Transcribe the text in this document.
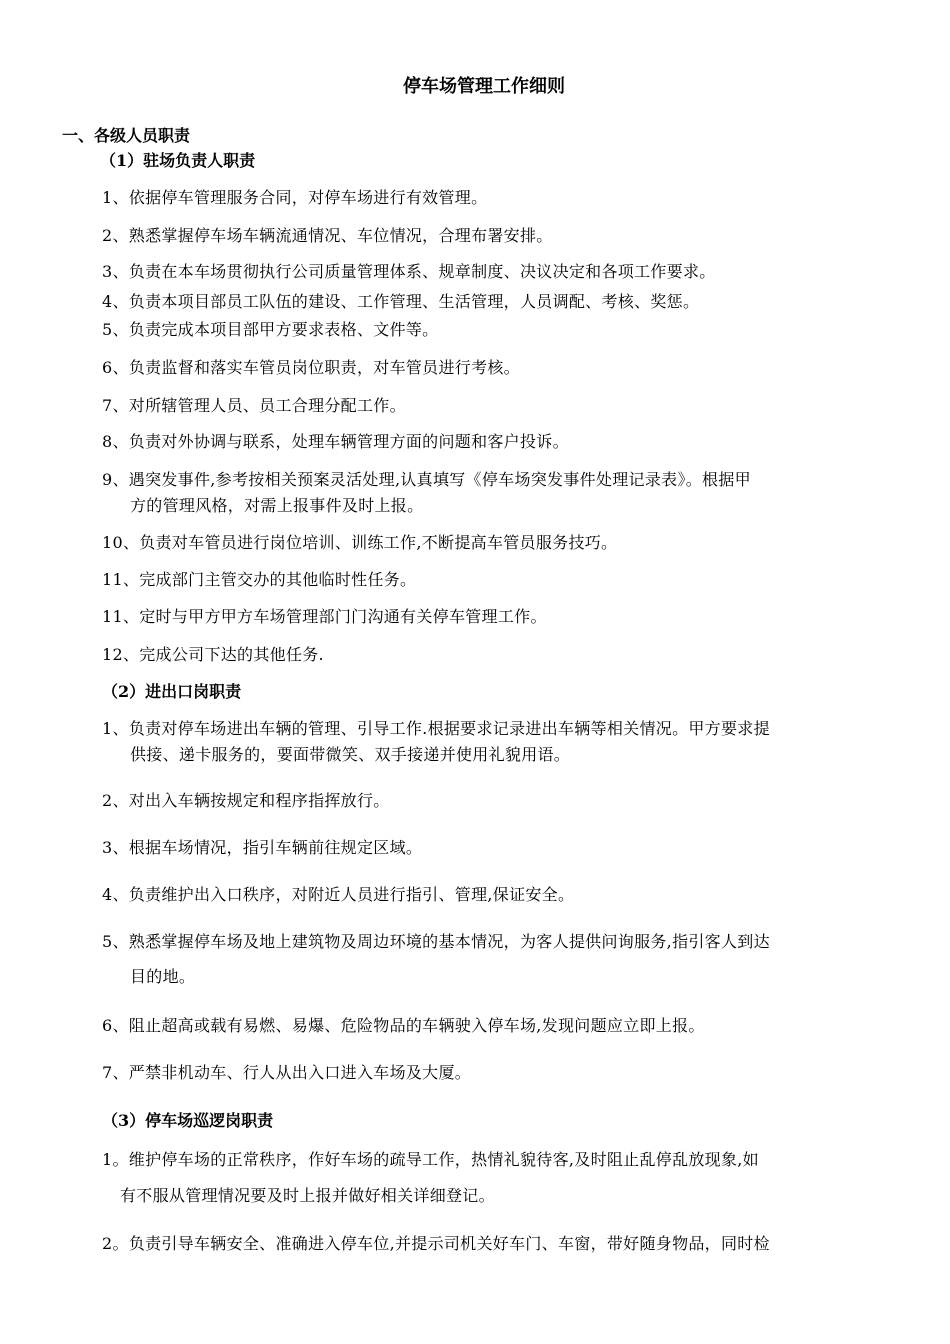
停车场管理工作细则
一、各级人员职责
（1）驻场负责人职责
1、依据停车管理服务合同，对停车场进行有效管理。
2、熟悉掌握停车场车辆流通情况、车位情况，合理布署安排。
3、负责在本车场贯彻执行公司质量管理体系、规章制度、决议决定和各项工作要求。
4、负责本项目部员工队伍的建设、工作管理、生活管理，人员调配、考核、奖惩。
5、负责完成本项目部甲方要求表格、文件等。
6、负责监督和落实车管员岗位职责，对车管员进行考核。
7、对所辖管理人员、员工合理分配工作。
8、负责对外协调与联系，处理车辆管理方面的问题和客户投诉。
9、遇突发事件,参考按相关预案灵活处理,认真填写《停车场突发事件处理记录表》。根据甲
方的管理风格，对需上报事件及时上报。
10、负责对车管员进行岗位培训、训练工作,不断提高车管员服务技巧。
11、完成部门主管交办的其他临时性任务。
11、定时与甲方甲方车场管理部门门沟通有关停车管理工作。
12、完成公司下达的其他任务.
（2）进出口岗职责
1、负责对停车场进出车辆的管理、引导工作.根据要求记录进出车辆等相关情况。甲方要求提
供接、递卡服务的，要面带微笑、双手接递并使用礼貌用语。
2、对出入车辆按规定和程序指挥放行。
3、根据车场情况，指引车辆前往规定区域。
4、负责维护出入口秩序，对附近人员进行指引、管理,保证安全。
5、熟悉掌握停车场及地上建筑物及周边环境的基本情况，为客人提供问询服务,指引客人到达
目的地。
6、阻止超高或载有易燃、易爆、危险物品的车辆驶入停车场,发现问题应立即上报。
7、严禁非机动车、行人从出入口进入车场及大厦。
（3）停车场巡逻岗职责
1。维护停车场的正常秩序，作好车场的疏导工作，热情礼貌待客,及时阻止乱停乱放现象,如
有不服从管理情况要及时上报并做好相关详细登记。
2。负责引导车辆安全、准确进入停车位,并提示司机关好车门、车窗，带好随身物品，同时检
